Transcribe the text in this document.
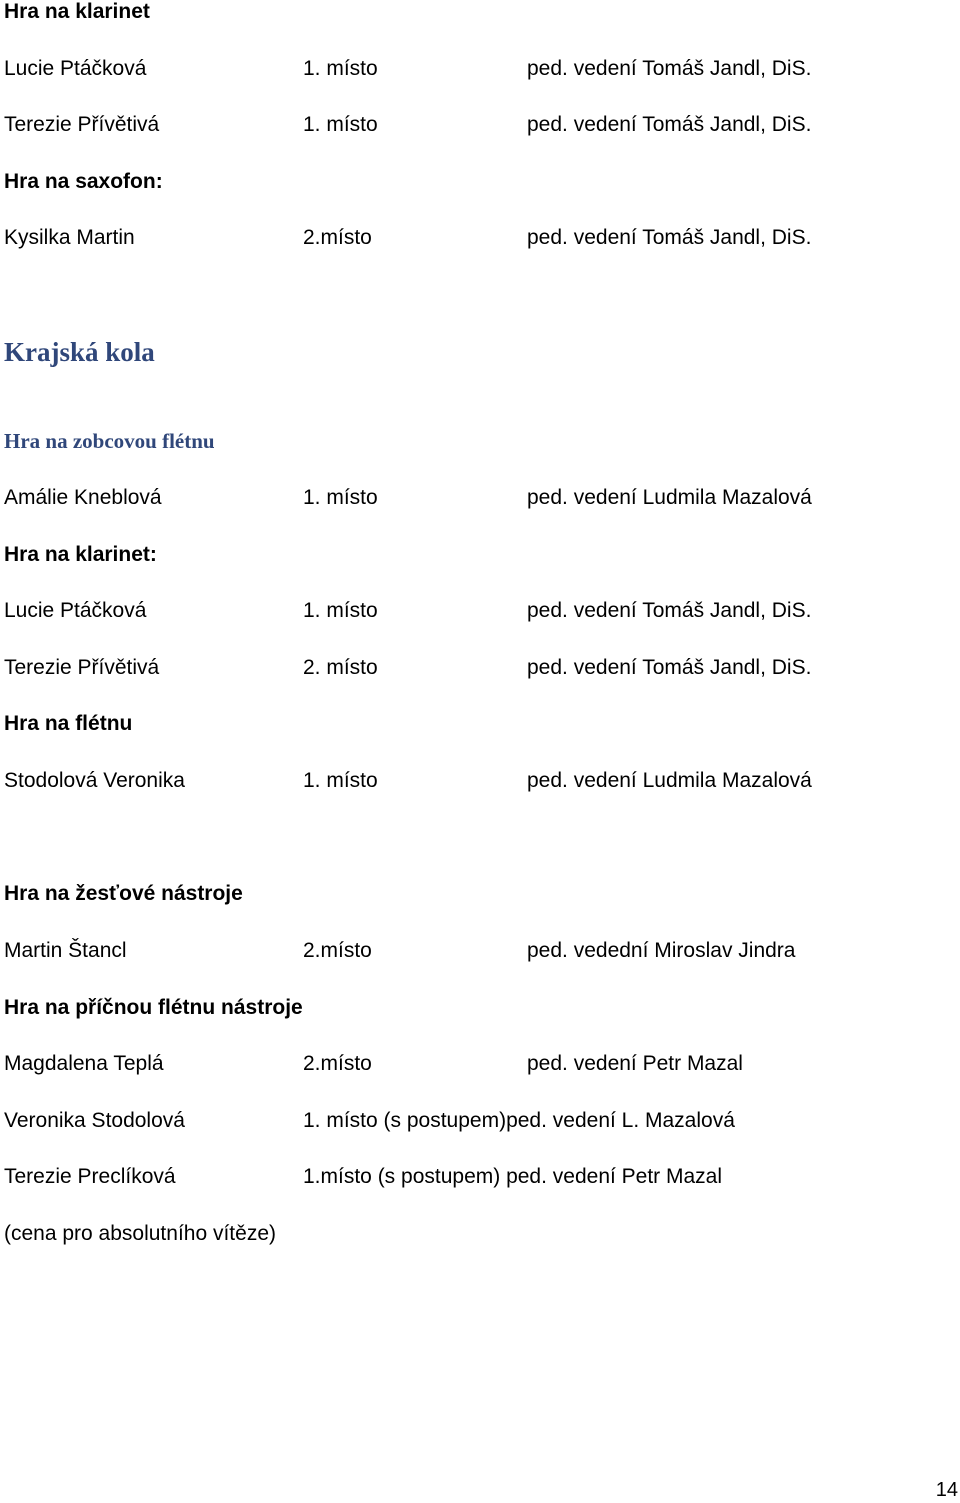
Hra na klarinet
Lucie Ptáčková	1. místo	ped. vedení Tomáš Jandl, DiS.
Terezie Přívětivá	1. místo	ped. vedení Tomáš Jandl, DiS.
Hra na saxofon:
Kysilka Martin	2.místo	ped. vedení Tomáš Jandl, DiS.
Krajská kola
Hra na zobcovou flétnu
Amálie Kneblová	1. místo	ped. vedení Ludmila Mazalová
Hra na klarinet:
Lucie Ptáčková	1. místo	ped. vedení Tomáš Jandl, DiS.
Terezie Přívětivá	2. místo	ped. vedení Tomáš Jandl, DiS.
Hra na flétnu
Stodolová Veronika	1. místo	ped. vedení Ludmila Mazalová
Hra na žesťové nástroje
Martin Štancl	2.místo	ped. vedední Miroslav Jindra
Hra na příčnou flétnu nástroje
Magdalena Teplá	2.místo	ped. vedení Petr Mazal
Veronika Stodolová	1. místo (s postupem)ped. vedení L. Mazalová
Terezie Preclíková	1.místo (s postupem) ped. vedení Petr Mazal
(cena pro absolutního vítěze)
14
